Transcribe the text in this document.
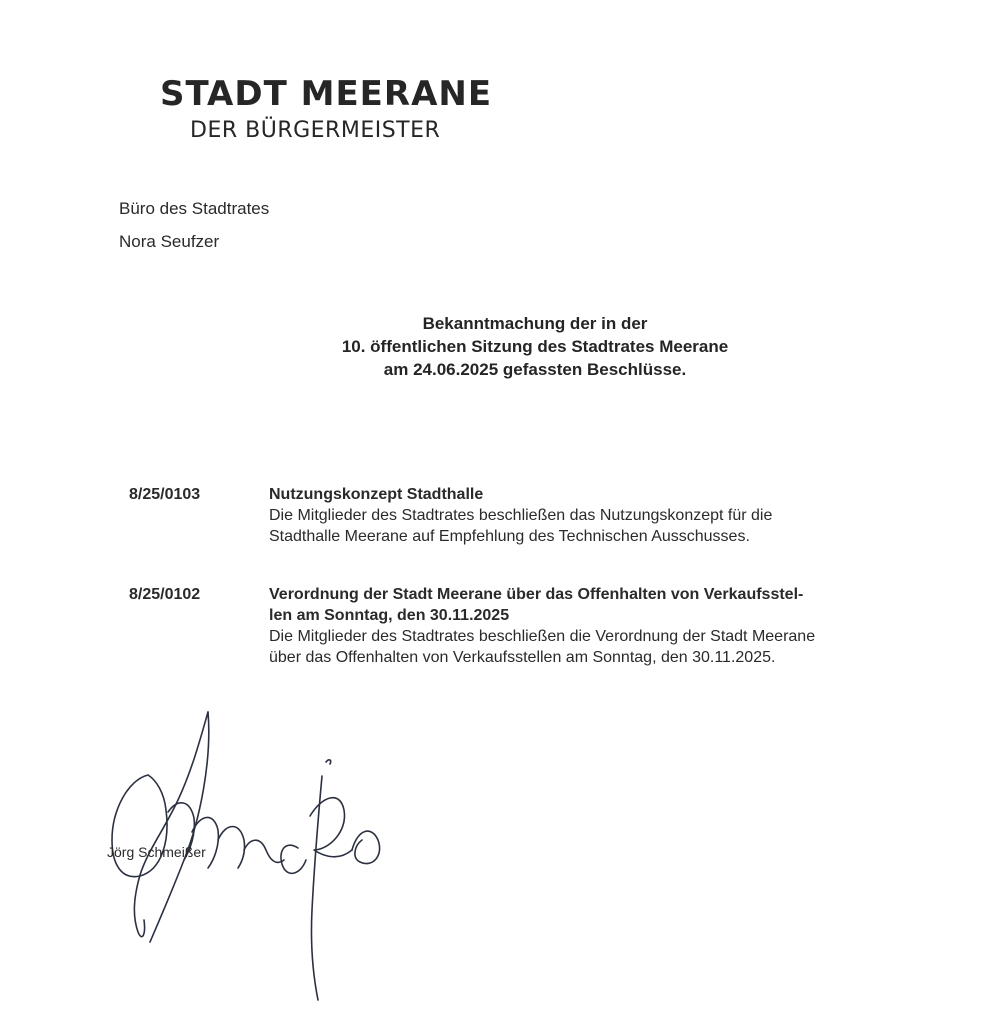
STADT MEERANE
DER BÜRGERMEISTER
Büro des Stadtrates
Nora Seufzer
Bekanntmachung der in der
10. öffentlichen Sitzung des Stadtrates Meerane
am 24.06.2025 gefassten Beschlüsse.
8/25/0103	Nutzungskonzept Stadthalle
Die Mitglieder des Stadtrates beschließen das Nutzungskonzept für die
Stadthalle Meerane auf Empfehlung des Technischen Ausschusses.
8/25/0102	Verordnung der Stadt Meerane über das Offenhalten von Verkaufsstel-
len am Sonntag, den 30.11.2025
Die Mitglieder des Stadtrates beschließen die Verordnung der Stadt Meerane
über das Offenhalten von Verkaufsstellen am Sonntag, den 30.11.2025.
Jörg Schmeißer
